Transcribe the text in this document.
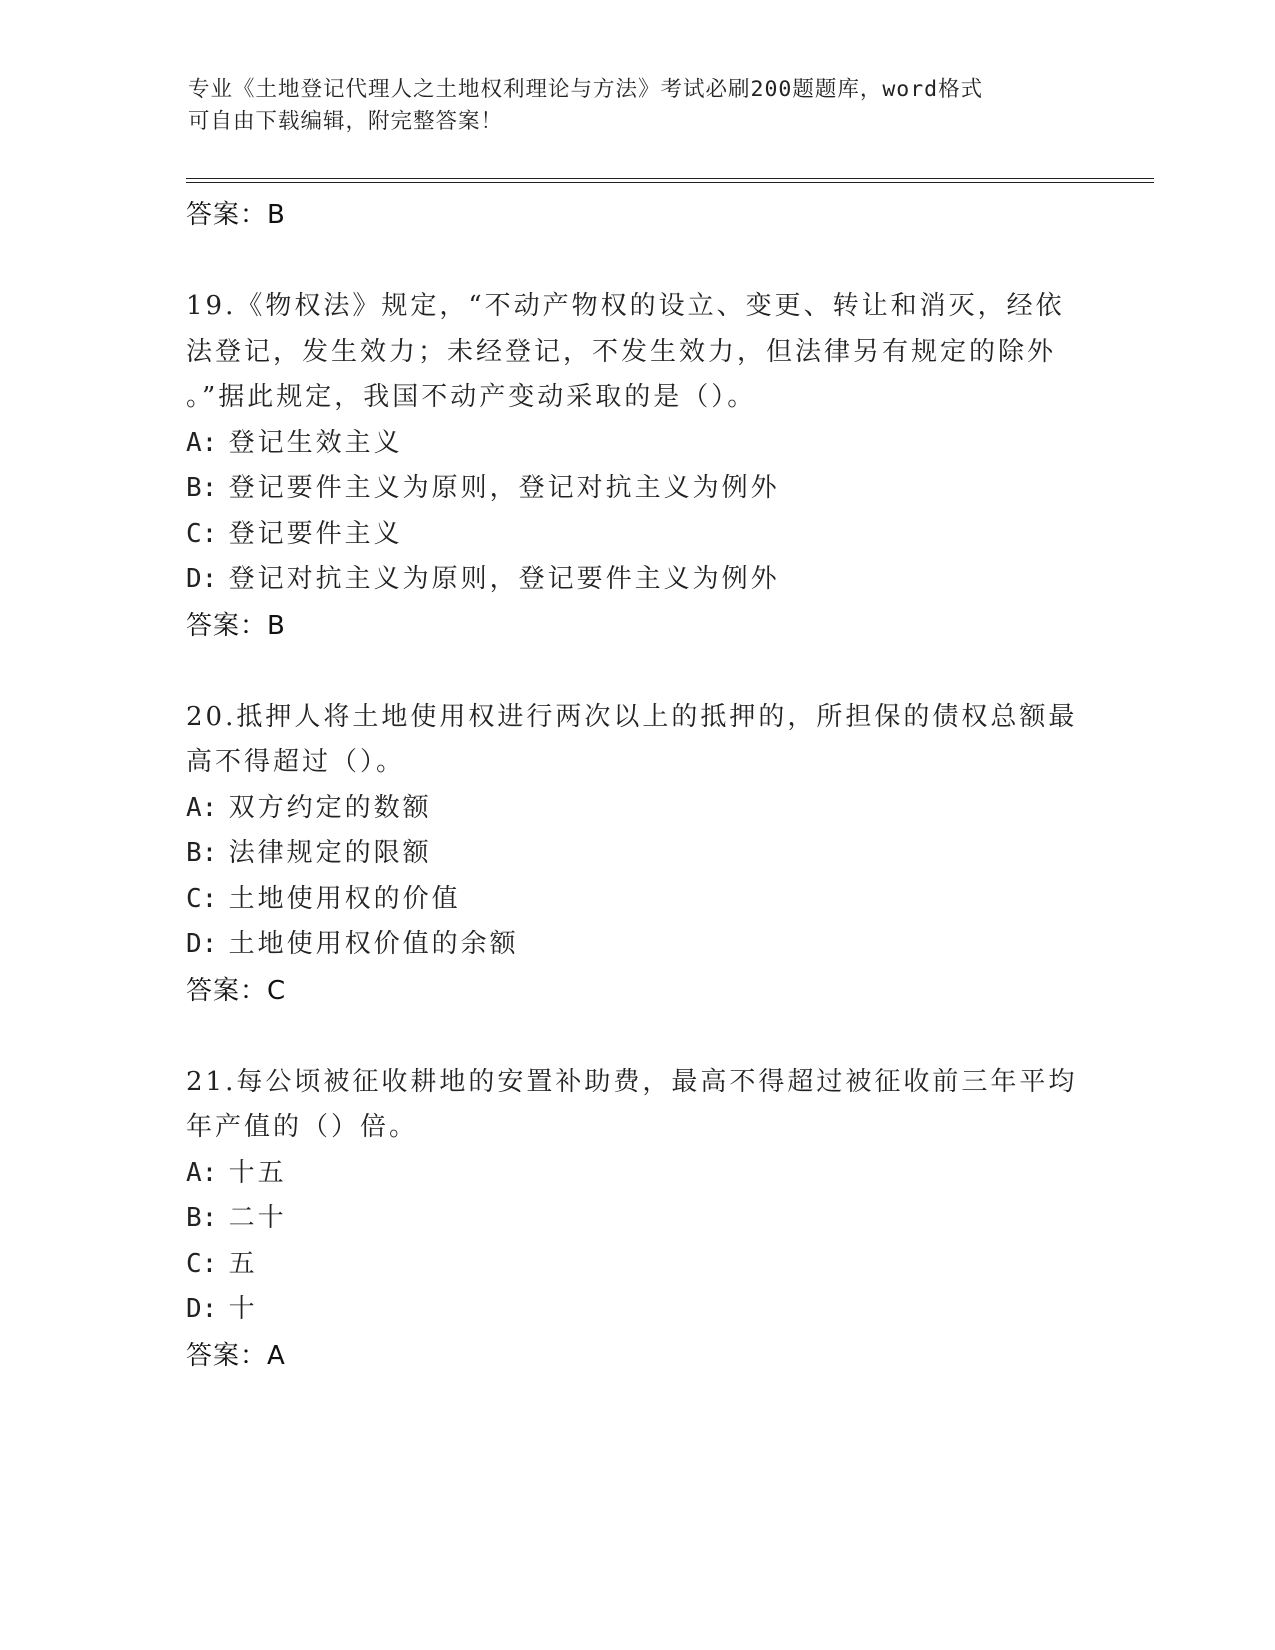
专业《土地登记代理人之土地权利理论与方法》考试必刷200题题库，word格式
可自由下载编辑，附完整答案！
答案：B
19.《物权法》规定，“不动产物权的设立、变更、转让和消灭，经依
法登记，发生效力；未经登记，不发生效力，但法律另有规定的除外
。”据此规定，我国不动产变动采取的是（）。
A: 登记生效主义
B: 登记要件主义为原则，登记对抗主义为例外
C: 登记要件主义
D: 登记对抗主义为原则，登记要件主义为例外
答案：B
20.抵押人将土地使用权进行两次以上的抵押的，所担保的债权总额最
高不得超过（）。
A: 双方约定的数额
B: 法律规定的限额
C: 土地使用权的价值
D: 土地使用权价值的余额
答案：C
21.每公顷被征收耕地的安置补助费，最高不得超过被征收前三年平均
年产值的（）倍。
A: 十五
B: 二十
C: 五
D: 十
答案：A
